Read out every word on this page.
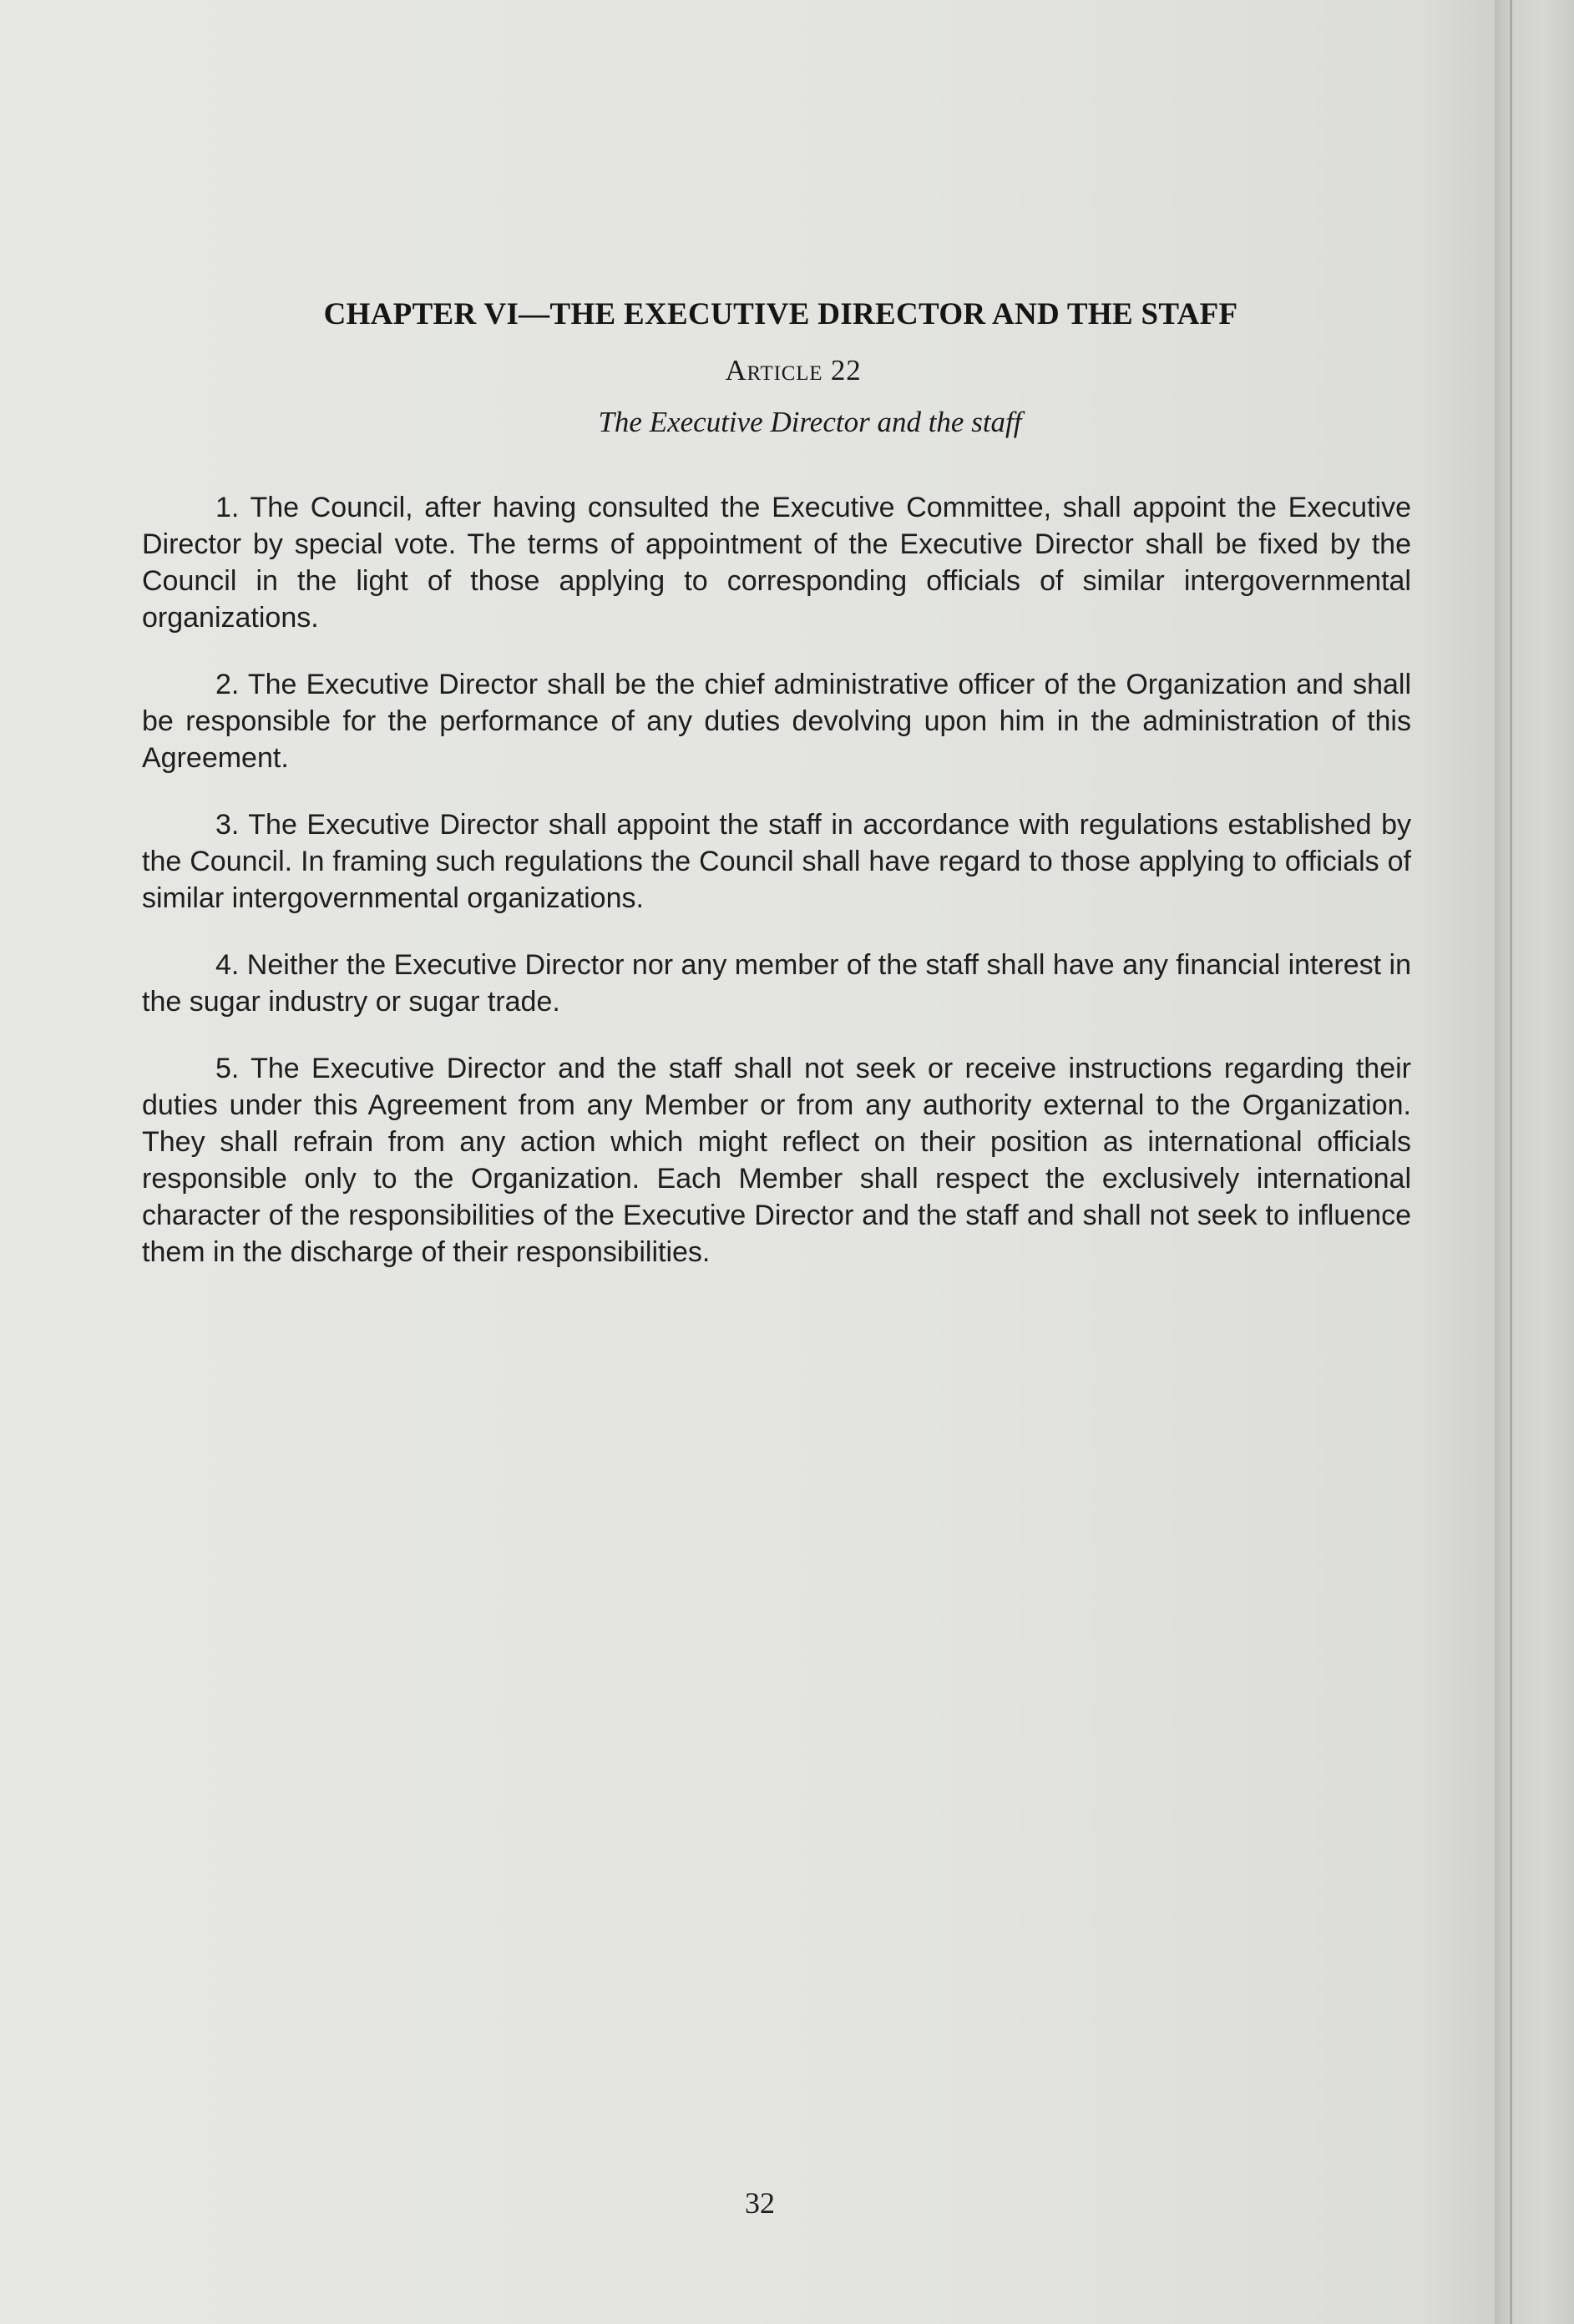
CHAPTER VI—THE EXECUTIVE DIRECTOR AND THE STAFF
Article 22
The Executive Director and the staff

1. The Council, after having consulted the Executive Committee, shall appoint the Executive Director by special vote. The terms of appointment of the Executive Director shall be fixed by the Council in the light of those applying to corresponding officials of similar intergovernmental organizations.

2. The Executive Director shall be the chief administrative officer of the Organization and shall be responsible for the performance of any duties devolving upon him in the administration of this Agreement.

3. The Executive Director shall appoint the staff in accordance with regulations established by the Council. In framing such regulations the Council shall have regard to those applying to officials of similar intergovernmental organizations.

4. Neither the Executive Director nor any member of the staff shall have any financial interest in the sugar industry or sugar trade.

5. The Executive Director and the staff shall not seek or receive instructions regarding their duties under this Agreement from any Member or from any authority external to the Organization. They shall refrain from any action which might reflect on their position as international officials responsible only to the Organization. Each Member shall respect the exclusively international character of the responsibilities of the Executive Director and the staff and shall not seek to influence them in the discharge of their responsibilities.

32
